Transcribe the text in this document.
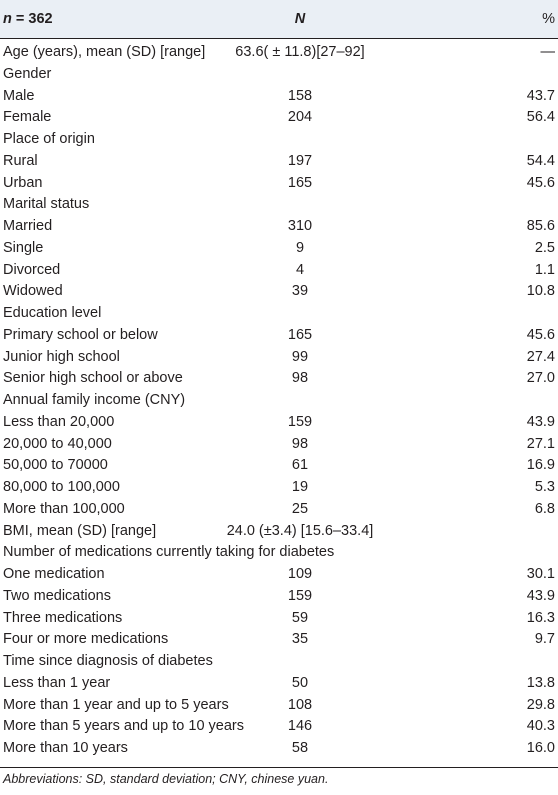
n = 362	N	%
Age (years), mean (SD) [range]	63.6( ± 11.8)[27–92]	—
Gender
Male	158	43.7
Female	204	56.4
Place of origin
Rural	197	54.4
Urban	165	45.6
Marital status
Married	310	85.6
Single	9	2.5
Divorced	4	1.1
Widowed	39	10.8
Education level
Primary school or below	165	45.6
Junior high school	99	27.4
Senior high school or above	98	27.0
Annual family income (CNY)
Less than 20,000	159	43.9
20,000 to 40,000	98	27.1
50,000 to 70000	61	16.9
80,000 to 100,000	19	5.3
More than 100,000	25	6.8
BMI, mean (SD) [range]	24.0 (±3.4) [15.6–33.4]
Number of medications currently taking for diabetes
One medication	109	30.1
Two medications	159	43.9
Three medications	59	16.3
Four or more medications	35	9.7
Time since diagnosis of diabetes
Less than 1 year	50	13.8
More than 1 year and up to 5 years	108	29.8
More than 5 years and up to 10 years	146	40.3
More than 10 years	58	16.0
Abbreviations: SD, standard deviation; CNY, chinese yuan.
